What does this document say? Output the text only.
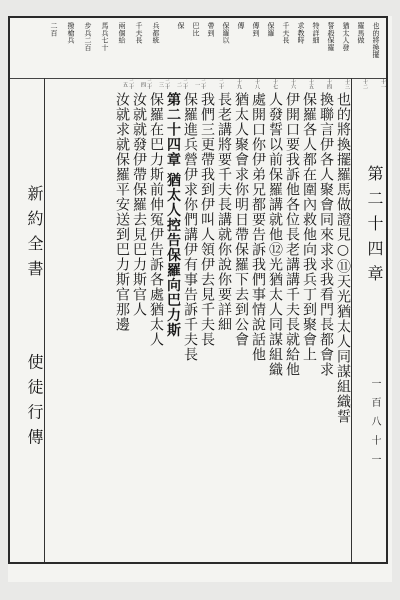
也的將換擺
羅馬做
猶太人發
誓殺保羅
特詳細
求教時
千夫長
保羅
傳到
傳
保羅以
帶到
巴比
保
兵都統
千夫長
兩個給
馬兵七十
步兵二百
撥槍兵
二百
十一
十二
十三
十四
十五
十六
十七
十八
十九
二十
二十一
二十二
二十三
二十四
二十五
新約全書  使徒行傳	也的將換擺羅馬做證見○⑪天光猶太人同謀組織誓
換聯言伊各人聚會同來求求我看門長都會求
保羅各人都在圍內救他向我兵丁到聚會上
伊開口要我訴他各位長老講講千夫長就給他
人發誓以前保羅講就他⑫光猶太人同謀組織
處開口你伊弟兄都要告訴我們事情說話他
猶太人聚會求你明日帶保羅下去到公會
長老講將要千夫長講就你說你要詳細
我們三更帶我到伊叫人領伊去見千夫長
保羅進兵營伊求你們講伊有事告訴千夫長
第二十四章 猶太人控告保羅向巴力斯
保羅在巴力斯前伸冤伊告訴各處猶太人
汝就就發伊帶保羅去見巴力斯官人
汝就求就保羅平安送到巴力斯官那邊	第二十四章  一百八十一
